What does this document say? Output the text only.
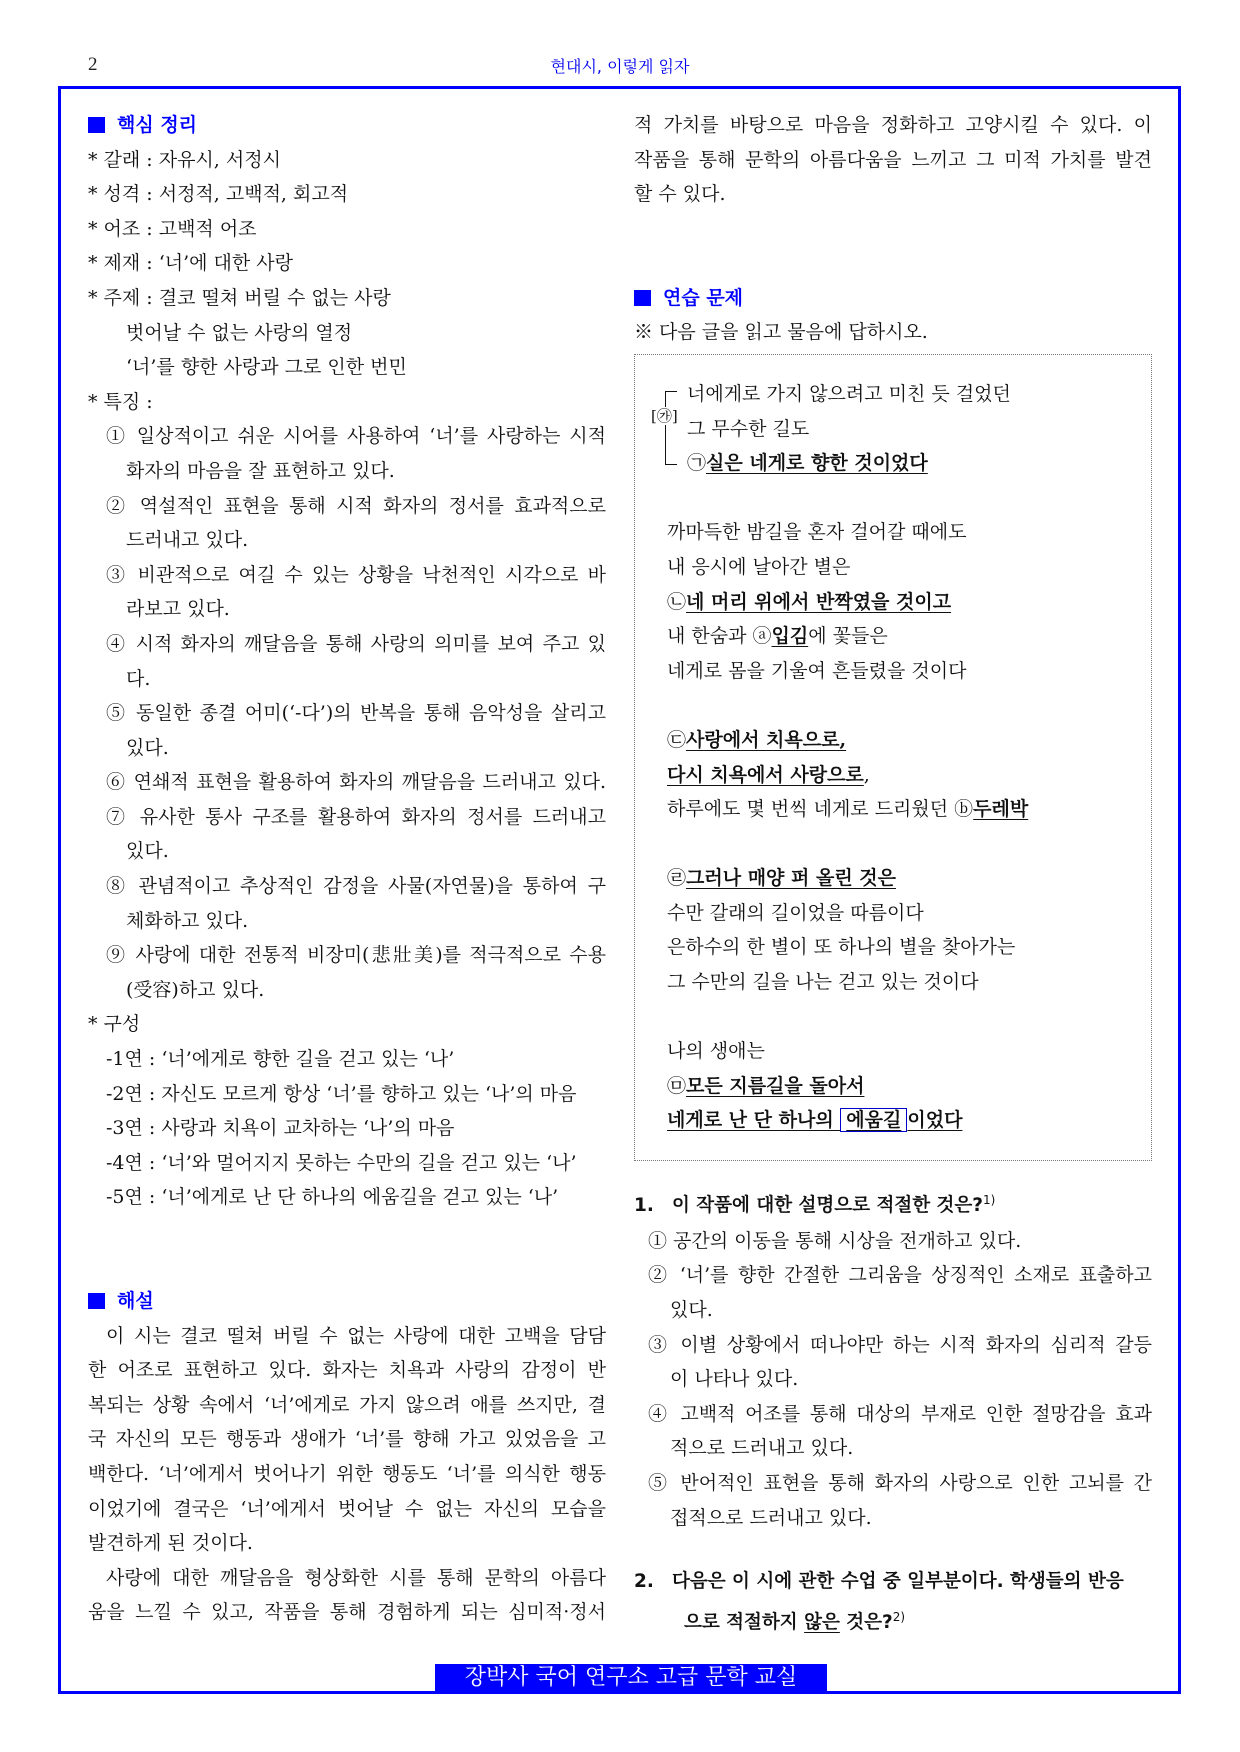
2	현대시, 이렇게 읽자
핵심 정리
* 갈래 : 자유시, 서정시
* 성격 : 서정적, 고백적, 회고적
* 어조 : 고백적 어조
* 제재 : ‘너’에 대한 사랑
* 주제 : 결코 떨쳐 버릴 수 없는 사랑
벗어날 수 없는 사랑의 열정
‘너’를 향한 사랑과 그로 인한 번민
* 특징 :
① 일상적이고 쉬운 시어를 사용하여 ‘너’를 사랑하는 시적
화자의 마음을 잘 표현하고 있다.
② 역설적인 표현을 통해 시적 화자의 정서를 효과적으로
드러내고 있다.
③ 비관적으로 여길 수 있는 상황을 낙천적인 시각으로 바
라보고 있다.
④ 시적 화자의 깨달음을 통해 사랑의 의미를 보여 주고 있
다.
⑤ 동일한 종결 어미(‘-다’)의 반복을 통해 음악성을 살리고
있다.
⑥ 연쇄적 표현을 활용하여 화자의 깨달음을 드러내고 있다.
⑦ 유사한 통사 구조를 활용하여 화자의 정서를 드러내고
있다.
⑧ 관념적이고 추상적인 감정을 사물(자연물)을 통하여 구
체화하고 있다.
⑨ 사랑에 대한 전통적 비장미(悲壯美)를 적극적으로 수용
(受容)하고 있다.
* 구성
-1연 : ‘너’에게로 향한 길을 걷고 있는 ‘나’
-2연 : 자신도 모르게 항상 ‘너’를 향하고 있는 ‘나’의 마음
-3연 : 사랑과 치욕이 교차하는 ‘나’의 마음
-4연 : ‘너’와 멀어지지 못하는 수만의 길을 걷고 있는 ‘나’
-5연 : ‘너’에게로 난 단 하나의 에움길을 걷고 있는 ‘나’
해설
이 시는 결코 떨쳐 버릴 수 없는 사랑에 대한 고백을 담담
한 어조로 표현하고 있다. 화자는 치욕과 사랑의 감정이 반
복되는 상황 속에서 ‘너’에게로 가지 않으려 애를 쓰지만, 결
국 자신의 모든 행동과 생애가 ‘너’를 향해 가고 있었음을 고
백한다. ‘너’에게서 벗어나기 위한 행동도 ‘너’를 의식한 행동
이었기에 결국은 ‘너’에게서 벗어날 수 없는 자신의 모습을
발견하게 된 것이다.
사랑에 대한 깨달음을 형상화한 시를 통해 문학의 아름다
움을 느낄 수 있고, 작품을 통해 경험하게 되는 심미적·정서
적 가치를 바탕으로 마음을 정화하고 고양시킬 수 있다. 이
작품을 통해 문학의 아름다움을 느끼고 그 미적 가치를 발견
할 수 있다.
연습 문제
※ 다음 글을 읽고 물음에 답하시오.
[㉮]
너에게로 가지 않으려고 미친 듯 걸었던
그 무수한 길도
㉠실은 네게로 향한 것이었다
까마득한 밤길을 혼자 걸어갈 때에도
내 응시에 날아간 별은
㉡네 머리 위에서 반짝였을 것이고
내 한숨과 ⓐ입김에 꽃들은
네게로 몸을 기울여 흔들렸을 것이다
㉢사랑에서 치욕으로,
다시 치욕에서 사랑으로,
하루에도 몇 번씩 네게로 드리웠던 ⓑ두레박
㉣그러나 매양 퍼 올린 것은
수만 갈래의 길이었을 따름이다
은하수의 한 별이 또 하나의 별을 찾아가는
그 수만의 길을 나는 걷고 있는 것이다
나의 생애는
㉤모든 지름길을 돌아서
네게로 난 단 하나의 에움길 이었다
1. 이 작품에 대한 설명으로 적절한 것은?$^{1)}$
① 공간의 이동을 통해 시상을 전개하고 있다.
② ‘너’를 향한 간절한 그리움을 상징적인 소재로 표출하고
있다.
③ 이별 상황에서 떠나야만 하는 시적 화자의 심리적 갈등
이 나타나 있다.
④ 고백적 어조를 통해 대상의 부재로 인한 절망감을 효과
적으로 드러내고 있다.
⑤ 반어적인 표현을 통해 화자의 사랑으로 인한 고뇌를 간
접적으로 드러내고 있다.
2. 다음은 이 시에 관한 수업 중 일부분이다. 학생들의 반응
으로 적절하지 않은 것은?$^{2)}$
장박사 국어 연구소 고급 문학 교실
